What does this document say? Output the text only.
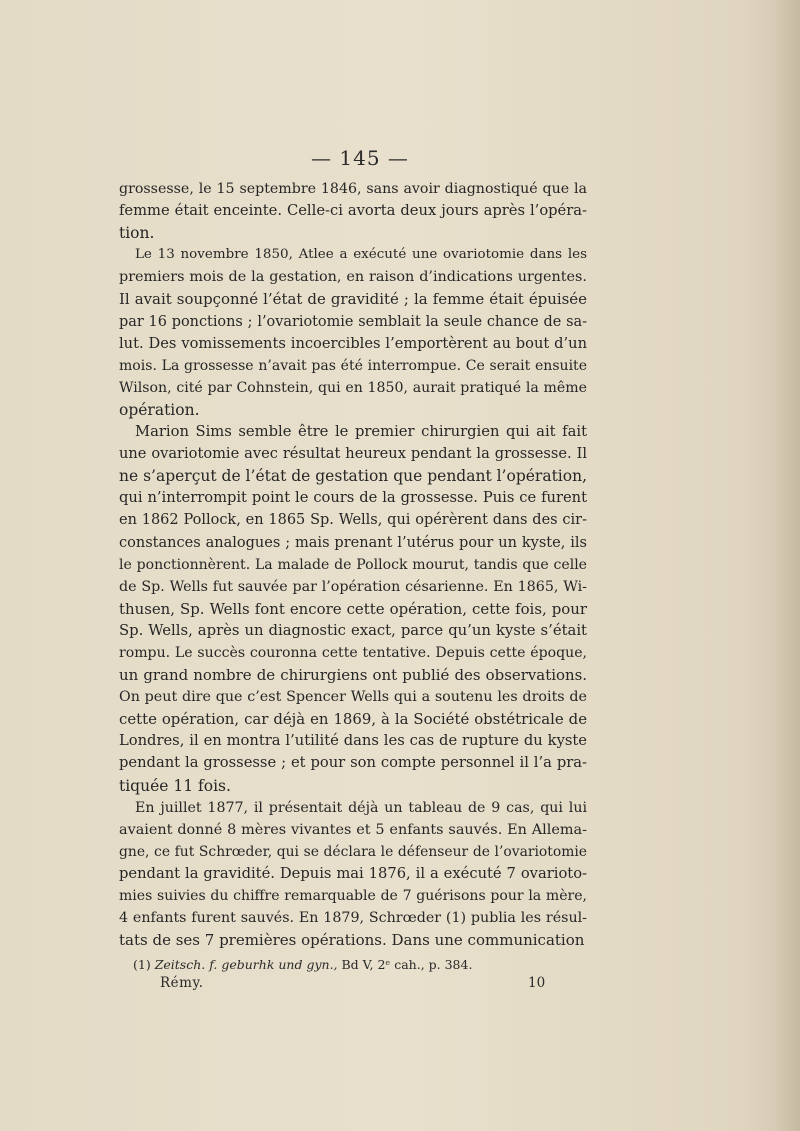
— 145 —
grossesse, le 15 septembre 1846, sans avoir diagnostiqué que la
femme était enceinte. Celle-ci avorta deux jours après l’opéra-
tion.
Le 13 novembre 1850, Atlee a exécuté une ovariotomie dans les
premiers mois de la gestation, en raison d’indications urgentes.
Il avait soupçonné l’état de gravidité ; la femme était épuisée
par 16 ponctions ; l’ovariotomie semblait la seule chance de sa-
lut. Des vomissements incoercibles l’emportèrent au bout d’un
mois. La grossesse n’avait pas été interrompue. Ce serait ensuite
Wilson, cité par Cohnstein, qui en 1850, aurait pratiqué la même
opération.
Marion Sims semble être le premier chirurgien qui ait fait
une ovariotomie avec résultat heureux pendant la grossesse. Il
ne s’aperçut de l’état de gestation que pendant l’opération,
qui n’interrompit point le cours de la grossesse. Puis ce furent
en 1862 Pollock, en 1865 Sp. Wells, qui opérèrent dans des cir-
constances analogues ; mais prenant l’utérus pour un kyste, ils
le ponctionnèrent. La malade de Pollock mourut, tandis que celle
de Sp. Wells fut sauvée par l’opération césarienne. En 1865, Wi-
thusen, Sp. Wells font encore cette opération, cette fois, pour
Sp. Wells, après un diagnostic exact, parce qu’un kyste s’était
rompu. Le succès couronna cette tentative. Depuis cette époque,
un grand nombre de chirurgiens ont publié des observations.
On peut dire que c’est Spencer Wells qui a soutenu les droits de
cette opération, car déjà en 1869, à la Société obstétricale de
Londres, il en montra l’utilité dans les cas de rupture du kyste
pendant la grossesse ; et pour son compte personnel il l’a pra-
tiquée 11 fois.
En juillet 1877, il présentait déjà un tableau de 9 cas, qui lui
avaient donné 8 mères vivantes et 5 enfants sauvés. En Allema-
gne, ce fut Schrœder, qui se déclara le défenseur de l’ovariotomie
pendant la gravidité. Depuis mai 1876, il a exécuté 7 ovarioto-
mies suivies du chiffre remarquable de 7 guérisons pour la mère,
4 enfants furent sauvés. En 1879, Schrœder (1) publia les résul-
tats de ses 7 premières opérations. Dans une communication
(1) Zeitsch. f. geburhk und gyn., Bd V, 2ᵉ cah., p. 384.
Rémy.	10
